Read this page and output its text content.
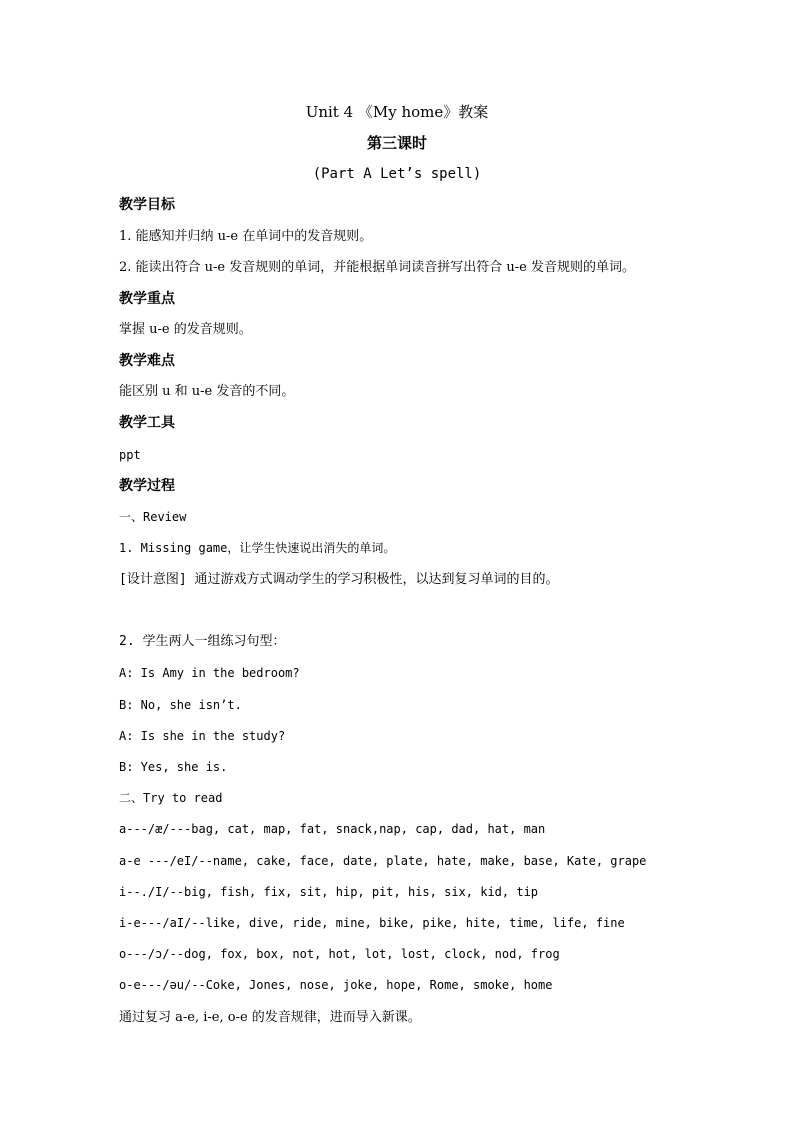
Unit 4 《My home》教案
第三课时
(Part A Let’s spell)
教学目标
1. 能感知并归纳 u-e 在单词中的发音规则。
2. 能读出符合 u-e 发音规则的单词，并能根据单词读音拼写出符合 u-e 发音规则的单词。
教学重点
掌握 u-e 的发音规则。
教学难点
能区别 u 和 u-e 发音的不同。
教学工具
ppt
教学过程
一、Review
1. Missing game，让学生快速说出消失的单词。
[设计意图] 通过游戏方式调动学生的学习积极性，以达到复习单词的目的。
2. 学生两人一组练习句型：
A: Is Amy in the bedroom?
B: No, she isn’t.
A: Is she in the study?
B: Yes, she is.
二、Try to read
a---/æ/---bag, cat, map, fat, snack,nap, cap, dad, hat, man
a-e ---/eI/--name, cake, face, date, plate, hate, make, base, Kate, grape
i--./I/--big, fish, fix, sit, hip, pit, his, six, kid, tip
i-e---/aI/--like, dive, ride, mine, bike, pike, hite, time, life, fine
o---/ɔ/--dog, fox, box, not, hot, lot, lost, clock, nod, frog
o-e---/əu/--Coke, Jones, nose, joke, hope, Rome, smoke, home
通过复习 a-e, i-e, o-e 的发音规律，进而导入新课。
